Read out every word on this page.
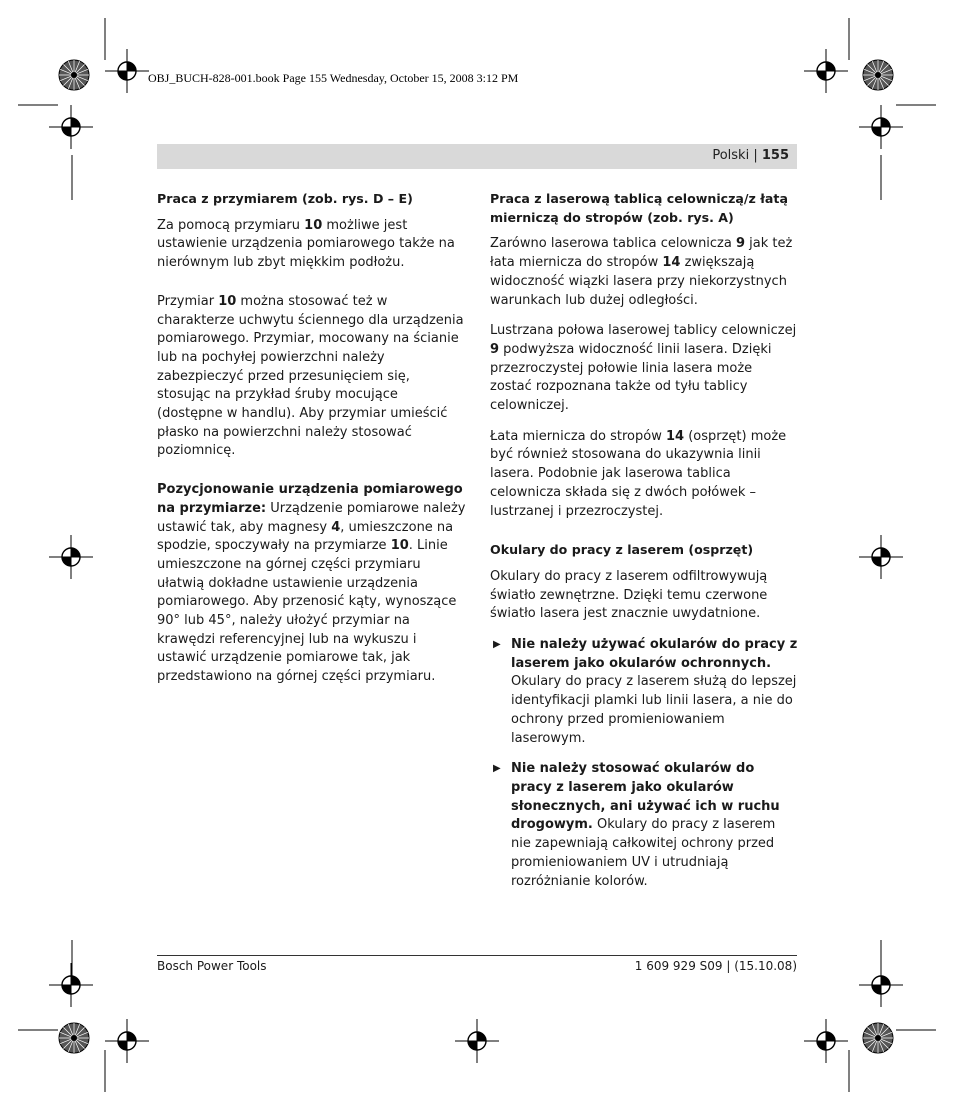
OBJ_BUCH-828-001.book Page 155 Wednesday, October 15, 2008 3:12 PM
Polski | 155
Praca z przymiarem (zob. rys. D – E)

Za pomocą przymiaru 10 możliwe jest ustawienie urządzenia pomiarowego także na nierównym lub zbyt miękkim podłożu.

Przymiar 10 można stosować też w charakterze uchwytu ściennego dla urządzenia pomiarowego. Przymiar, mocowany na ścianie lub na pochyłej powierzchni należy zabezpieczyć przed przesunięciem się, stosując na przykład śruby mocujące (dostępne w handlu). Aby przymiar umieścić płasko na powierzchni należy stosować poziomnicę.

Pozycjonowanie urządzenia pomiarowego na przymiarze: Urządzenie pomiarowe należy ustawić tak, aby magnesy 4, umieszczone na spodzie, spoczywały na przymiarze 10. Linie umieszczone na górnej części przymiaru ułatwią dokładne ustawienie urządzenia pomiarowego. Aby przenosić kąty, wynoszące 90° lub 45°, należy ułożyć przymiar na krawędzi referencyjnej lub na wykuszu i ustawić urządzenie pomiarowe tak, jak przedstawiono na górnej części przymiaru.

Praca z laserową tablicą celowniczą/z łatą mierniczą do stropów (zob. rys. A)

Zarówno laserowa tablica celownicza 9 jak też łata miernicza do stropów 14 zwiększają widoczność wiązki lasera przy niekorzystnych warunkach lub dużej odległości.

Lustrzana połowa laserowej tablicy celowniczej 9 podwyższa widoczność linii lasera. Dzięki przezroczystej połowie linia lasera może zostać rozpoznana także od tyłu tablicy celowniczej.

Łata miernicza do stropów 14 (osprzęt) może być również stosowana do ukazywnia linii lasera. Podobnie jak laserowa tablica celownicza składa się z dwóch połówek – lustrzanej i przezroczystej.

Okulary do pracy z laserem (osprzęt)

Okulary do pracy z laserem odfiltrowywują światło zewnętrzne. Dzięki temu czerwone światło lasera jest znacznie uwydatnione.

▶ Nie należy używać okularów do pracy z laserem jako okularów ochronnych. Okulary do pracy z laserem służą do lepszej identyfikacji plamki lub linii lasera, a nie do ochrony przed promieniowaniem laserowym.
▶ Nie należy stosować okularów do pracy z laserem jako okularów słonecznych, ani używać ich w ruchu drogowym. Okulary do pracy z laserem nie zapewniają całkowitej ochrony przed promieniowaniem UV i utrudniają rozróżnianie kolorów.
Bosch Power Tools	1 609 929 S09 | (15.10.08)
